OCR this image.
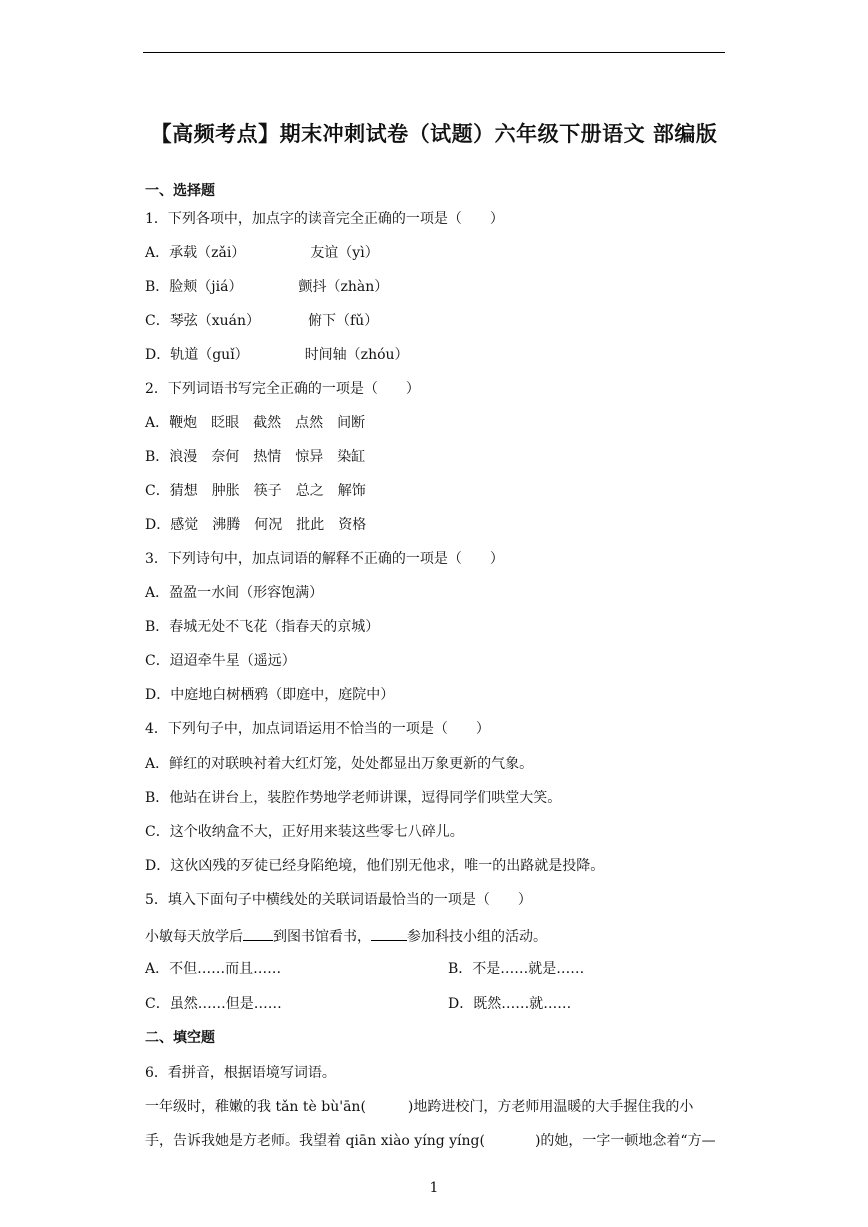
【高频考点】期末冲刺试卷（试题）六年级下册语文 部编版
一、选择题
1．下列各项中，加点字的读音完全正确的一项是（　　）
A．承载（zǎi）	友谊（yì）
B．脸颊（jiá）	颤抖（zhàn）
C．琴弦（xuán）	俯下（fǔ）
D．轨道（guǐ）	时间轴（zhóu）
2．下列词语书写完全正确的一项是（　　）
A．鞭炮　眨眼　截然　点然　间断
B．浪漫　奈何　热情　惊异　染缸
C．猜想　肿胀　筷子　总之　解饰
D．感觉　沸腾　何况　批此　资格
3．下列诗句中，加点词语的解释不正确的一项是（　　）
A．盈盈一水间（形容饱满）
B．春城无处不飞花（指春天的京城）
C．迢迢牵牛星（遥远）
D．中庭地白树栖鸦（即庭中，庭院中）
4．下列句子中，加点词语运用不恰当的一项是（　　）
A．鲜红的对联映衬着大红灯笼，处处都显出万象更新的气象。
B．他站在讲台上，装腔作势地学老师讲课，逗得同学们哄堂大笑。
C．这个收纳盒不大，正好用来装这些零七八碎儿。
D．这伙凶残的歹徒已经身陷绝境，他们别无他求，唯一的出路就是投降。
5．填入下面句子中横线处的关联词语最恰当的一项是（　　）
小敏每天放学后 到图书馆看书，	参加科技小组的活动。
A．不但……而且……	B．不是……就是……
C．虽然……但是……	D．既然……就……
二、填空题
6．看拼音，根据语境写词语。
一年级时，稚嫩的我 tǎn tè bù'ān(	)地跨进校门，方老师用温暖的大手握住我的小
手，告诉我她是方老师。我望着 qiān xiào yíng yíng(	)的她，一字一顿地念着“方—
1
